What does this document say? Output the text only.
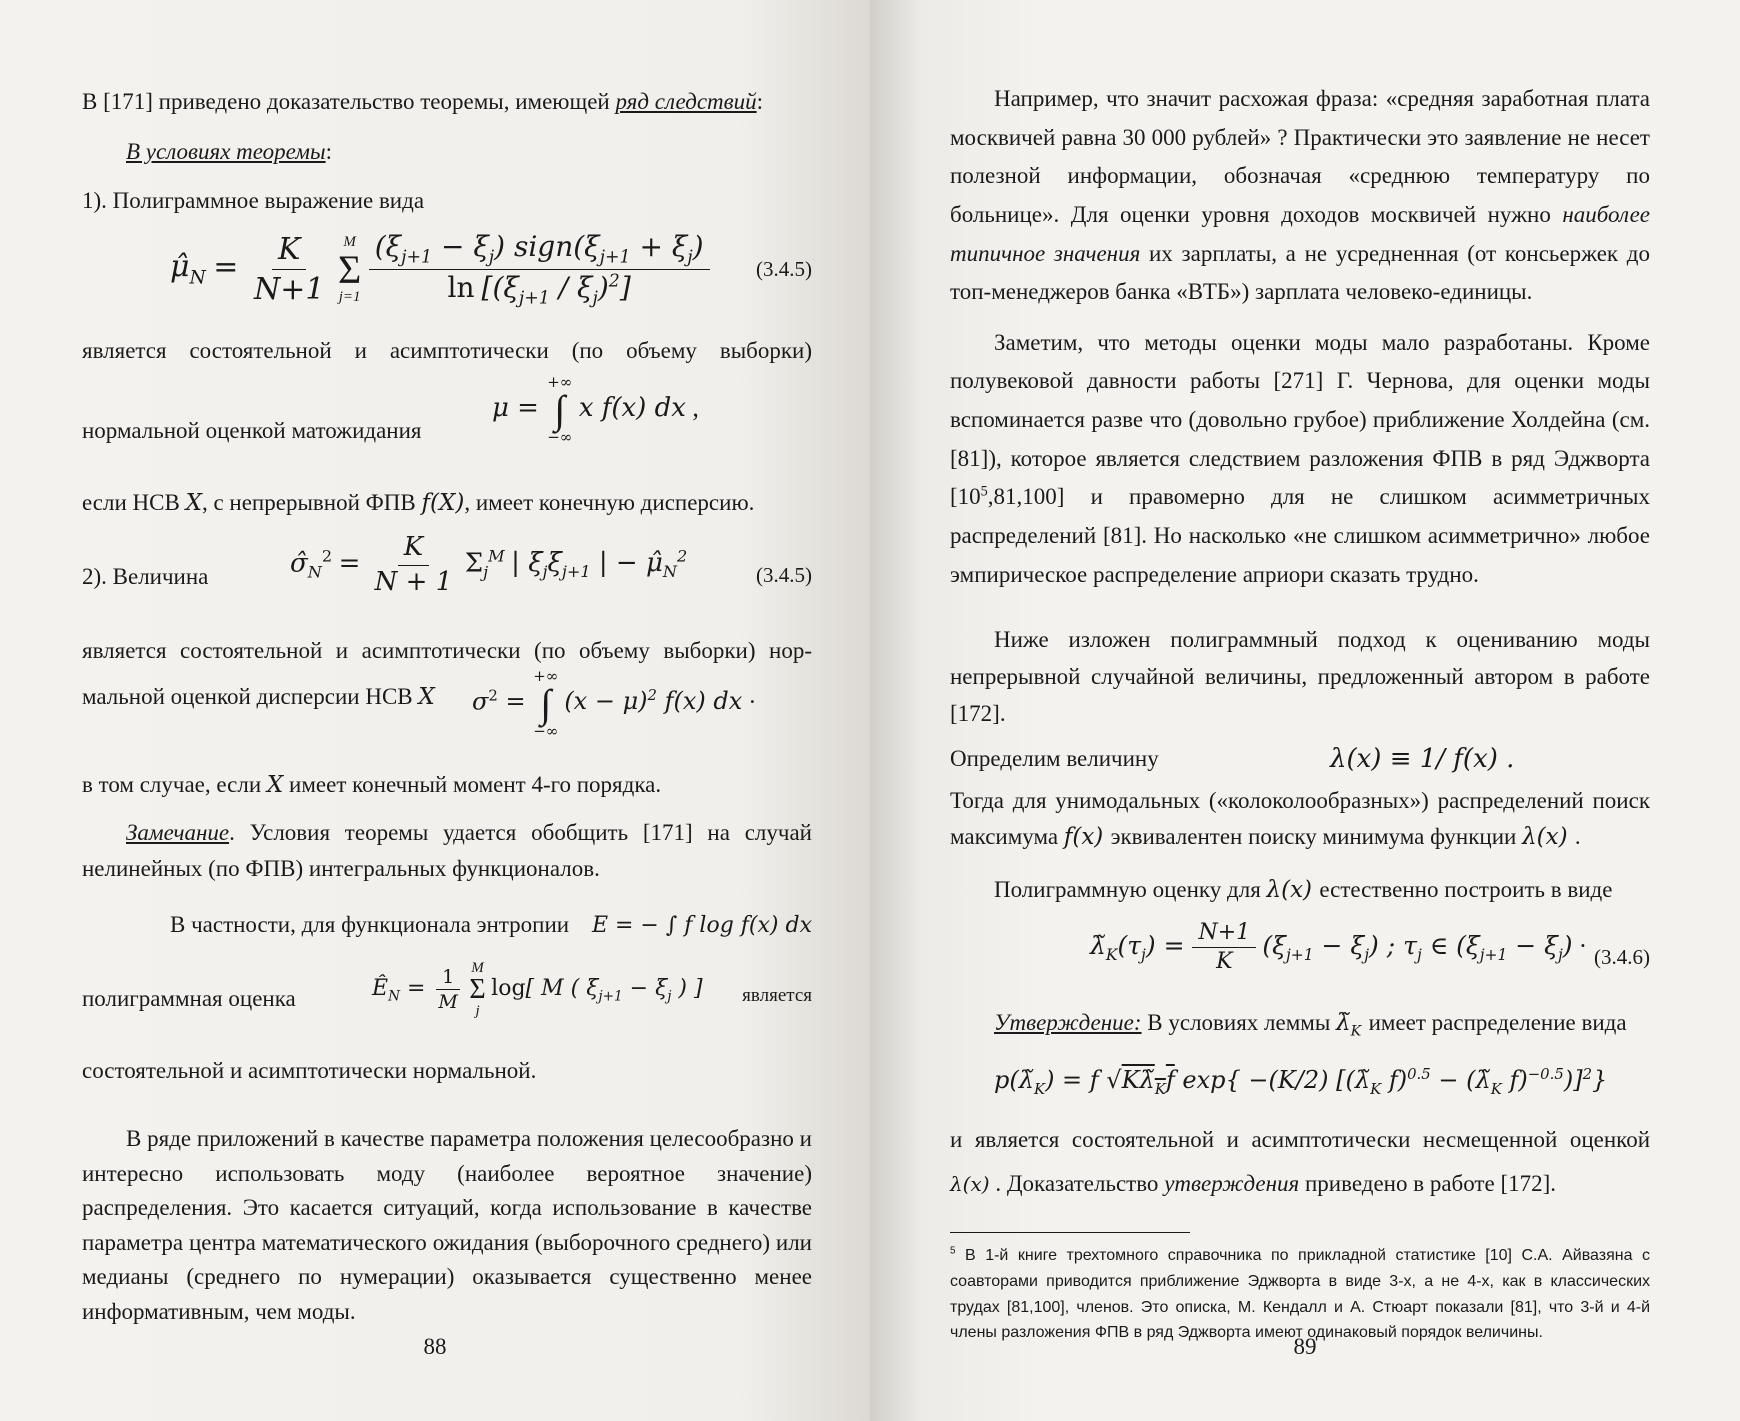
В [171] приведено доказательство теоремы, имеющей ряд следствий:

В условиях теоремы:

1). Полиграммное выражение вида

$\mû_N = \frac{K}{N+1}$
M
Σ
j=1
$\frac{(\xi_{j+1} - \xi_j) sign(\xi_{j+1} + \xi_j)}{\ln [(\xi_{j+1} / \xi_j)^2]} (3.4.5)$

является состоятельной и асимптотически (по объему выборки)

нормальной оценкой матожидания
μ =
+∞
∫
−∞
x f(x) dx ,

если НСВ X, с непрерывной ФПВ f(X), имеет конечную дисперсию.

2). Величина	$\sigmâ_N^2 = \frac{K}{N + 1} \Sigma_j^M$ | $\xi_j\xi_{j+1}$ | − $\mû_N^2$
(3.4.5)

является состоятельной и асимптотически (по объему выборки) нор-

мальной оценкой дисперсии НСВ X $\sigma^2$ =
+∞
∫
−∞
$(x - \mu)^2$ f(x) dx ·

в том случае, если X имеет конечный момент 4-го порядка.

Замечание. Условия теоремы удается обобщить [171] на случай нелинейных (по ФПВ) интегральных функционалов.

В частности, для функционала энтропии E = − ∫ f log f(x) dx
полиграммная оценка	$Ê_N = \frac{1}{M}$
M
Σ
j
log[ M ( $\xi_{j+1} - \xi_j$ ) ] является

состоятельной и асимптотически нормальной.

В ряде приложений в качестве параметра положения целесообразно и интересно использовать моду (наиболее вероятное значение) распределения. Это касается ситуаций, когда использование в качестве параметра центра математического ожидания (выборочного среднего) или медианы (среднего по нумерации) оказывается существенно менее информативным, чем моды.

88

Например, что значит расхожая фраза: «средняя заработная плата москвичей равна 30 000 рублей» ? Практически это заявление не несет полезной информации, обозначая «среднюю температуру по больнице». Для оценки уровня доходов москвичей нужно наиболее типичное значения их зарплаты, а не усредненная (от консьержек до топ-менеджеров банка «ВТБ») зарплата человеко-единицы.

Заметим, что методы оценки моды мало разработаны. Кроме полувековой давности работы [271] Г. Чернова, для оценки моды вспоминается разве что (довольно грубое) приближение Холдейна (см. [81]), которое является следствием разложения ФПВ в ряд Эджворта $[10^5,81,100]$ и правомерно для не слишком асимметричных распределений [81]. Но насколько «не слишком асимметрично» любое эмпирическое распределение априори сказать трудно.

Ниже изложен полиграммный подход к оцениванию моды непрерывной случайной величины, предложенный автором в работе [172].

Определим величину	λ(x) ≡ 1/ f(x) .

Тогда для унимодальных («колоколообразных») распределений поиск максимума f(x) эквивалентен поиску минимума функции λ(x) .

Полиграммную оценку для λ(x) естественно построить в виде

$\lambdã_K(\tau_j) = \frac{N+1}{K} (\xi_{j+1} - \xi_j)$ ; $\tau_j$ ∈ $(\xi_{j+1} - \xi_j) \cdot (3.4.6)$

Утверждение: В условиях леммы $\lambdã_K$ имеет распределение вида

$p(\lambdã_K) = f$ $√K\lambdã_Kf$ exp{ −(K/2) [($\lambdã_K$ $f)^{0.5} - (\lambdã_K$ f)$^{-0.5}$)]$^2$}

и является состоятельной и асимптотически несмещенной оценкой

λ(x) . Доказательство утверждения приведено в работе [172].

$^5$ В 1-й книге трехтомного справочника по прикладной статистике [10] С.А. Айвазяна с соавторами приводится приближение Эджворта в виде 3-х, а не 4-х, как в классических трудах [81,100], членов. Это описка, М. Кендалл и А. Стюарт показали [81], что 3-й и 4-й члены разложения ФПВ в ряд Эджворта имеют одинаковый порядок величины.

89
